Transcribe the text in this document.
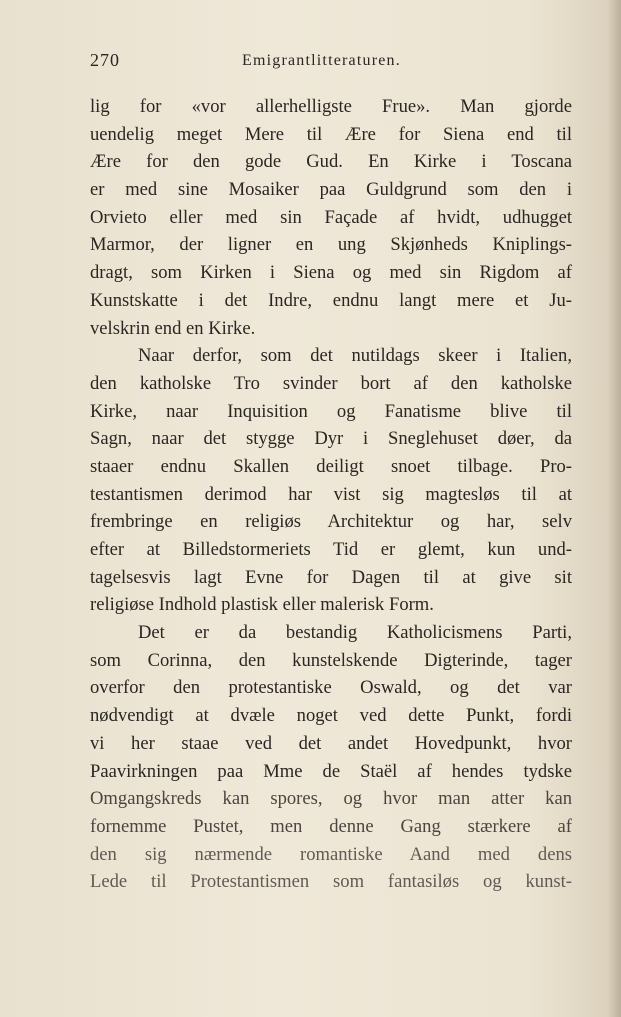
270	Emigrantlitteraturen.
lig for «vor allerhelligste Frue». Man gjorde
uendelig meget Mere til Ære for Siena end til
Ære for den gode Gud. En Kirke i Toscana
er med sine Mosaiker paa Guldgrund som den i
Orvieto eller med sin Façade af hvidt, udhugget
Marmor, der ligner en ung Skjønheds Kniplings-
dragt, som Kirken i Siena og med sin Rigdom af
Kunstskatte i det Indre, endnu langt mere et Ju-
velskrin end en Kirke.
Naar derfor, som det nutildags skeer i Italien,
den katholske Tro svinder bort af den katholske
Kirke, naar Inquisition og Fanatisme blive til
Sagn, naar det stygge Dyr i Sneglehuset døer, da
staaer endnu Skallen deiligt snoet tilbage. Pro-
testantismen derimod har vist sig magtesløs til at
frembringe en religiøs Architektur og har, selv
efter at Billedstormeriets Tid er glemt, kun und-
tagelsesvis lagt Evne for Dagen til at give sit
religiøse Indhold plastisk eller malerisk Form.
Det er da bestandig Katholicismens Parti,
som Corinna, den kunstelskende Digterinde, tager
overfor den protestantiske Oswald, og det var
nødvendigt at dvæle noget ved dette Punkt, fordi
vi her staae ved det andet Hovedpunkt, hvor
Paavirkningen paa Mme de Staël af hendes tydske
Omgangskreds kan spores, og hvor man atter kan
fornemme Pustet, men denne Gang stærkere af
den sig nærmende romantiske Aand med dens
Lede til Protestantismen som fantasiløs og kunst-
